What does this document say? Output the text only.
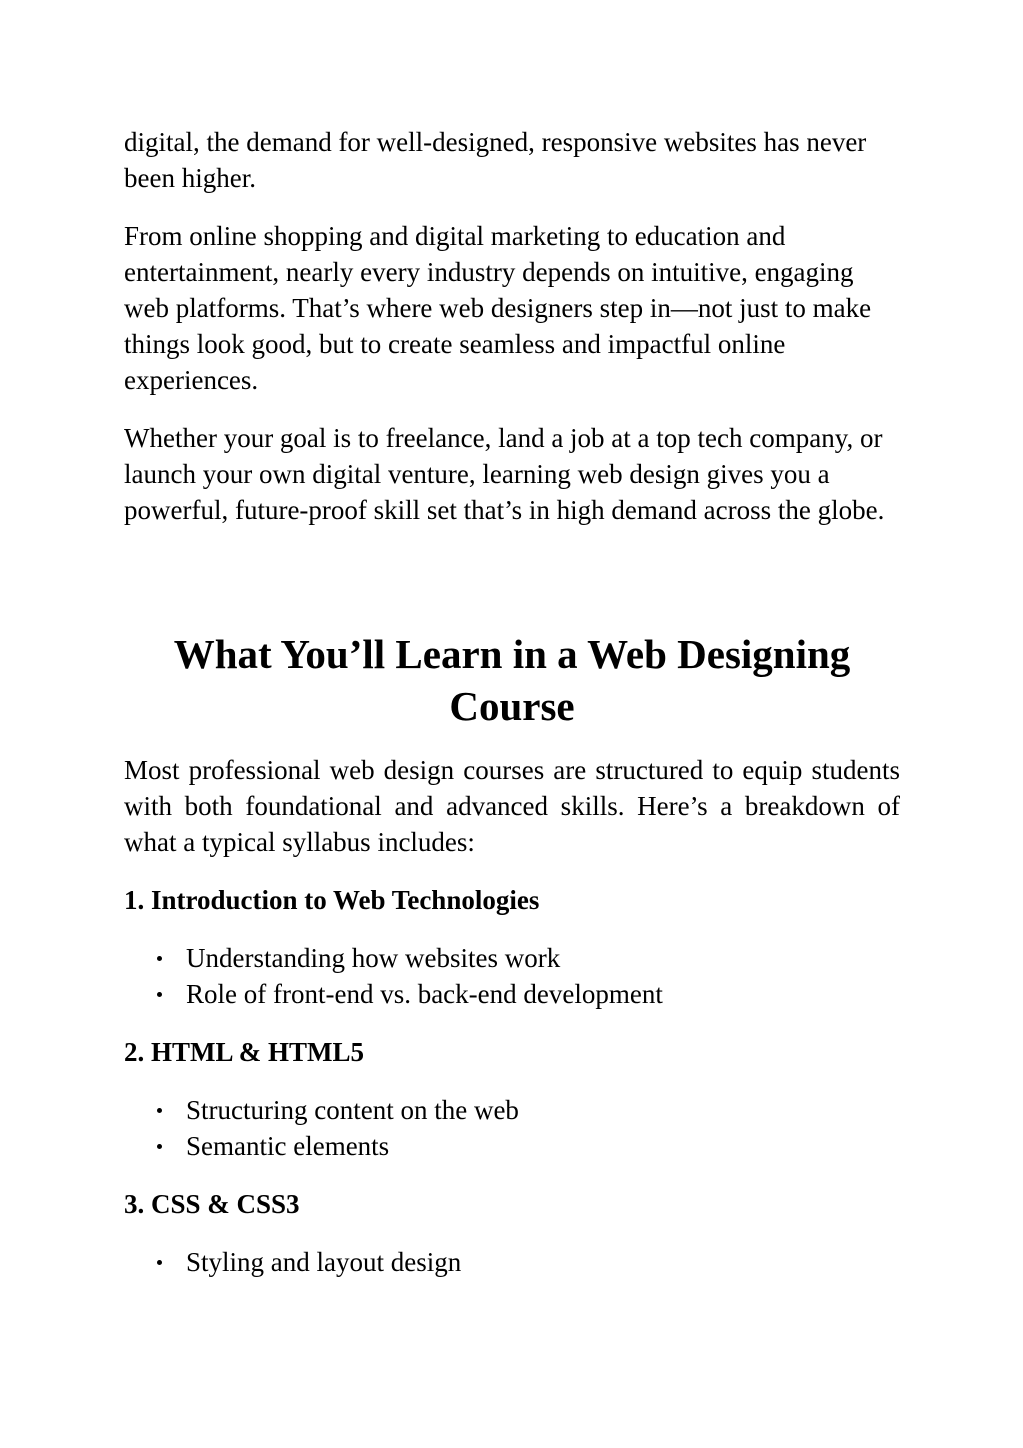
digital, the demand for well-designed, responsive websites has never been higher.

From online shopping and digital marketing to education and entertainment, nearly every industry depends on intuitive, engaging web platforms. That’s where web designers step in—not just to make things look good, but to create seamless and impactful online experiences.

Whether your goal is to freelance, land a job at a top tech company, or launch your own digital venture, learning web design gives you a powerful, future-proof skill set that’s in high demand across the globe.

What You’ll Learn in a Web Designing Course

Most professional web design courses are structured to equip students with both foundational and advanced skills. Here’s a breakdown of what a typical syllabus includes:

1. Introduction to Web Technologies
Understanding how websites work
Role of front-end vs. back-end development
2. HTML & HTML5
Structuring content on the web
Semantic elements
3. CSS & CSS3
Styling and layout design
